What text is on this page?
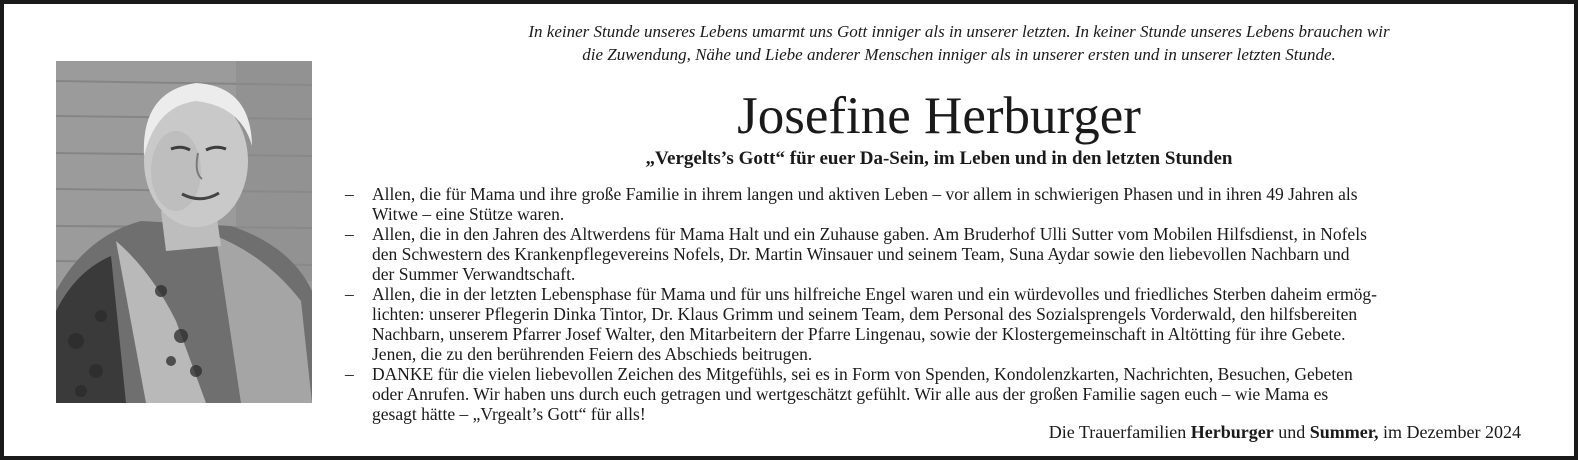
In keiner Stunde unseres Lebens umarmt uns Gott inniger als in unserer letzten. In keiner Stunde unseres Lebens brauchen wir
die Zuwendung, Nähe und Liebe anderer Menschen inniger als in unserer ersten und in unserer letzten Stunde.
Josefine Herburger
„Vergelts’s Gott“ für euer Da-Sein, im Leben und in den letzten Stunden
– Allen, die für Mama und ihre große Familie in ihrem langen und aktiven Leben – vor allem in schwierigen Phasen und in ihren 49 Jahren als
Witwe – eine Stütze waren.
– Allen, die in den Jahren des Altwerdens für Mama Halt und ein Zuhause gaben. Am Bruderhof Ulli Sutter vom Mobilen Hilfsdienst, in Nofels
den Schwestern des Krankenpflegevereins Nofels, Dr. Martin Winsauer und seinem Team, Suna Aydar sowie den liebevollen Nachbarn und
der Summer Verwandtschaft.
– Allen, die in der letzten Lebensphase für Mama und für uns hilfreiche Engel waren und ein würdevolles und friedliches Sterben daheim ermög-
lichten: unserer Pflegerin Dinka Tintor, Dr. Klaus Grimm und seinem Team, dem Personal des Sozialsprengels Vorderwald, den hilfsbereiten
Nachbarn, unserem Pfarrer Josef Walter, den Mitarbeitern der Pfarre Lingenau, sowie der Klostergemeinschaft in Altötting für ihre Gebete.
Jenen, die zu den berührenden Feiern des Abschieds beitrugen.
– DANKE für die vielen liebevollen Zeichen des Mitgefühls, sei es in Form von Spenden, Kondolenzkarten, Nachrichten, Besuchen, Gebeten
oder Anrufen. Wir haben uns durch euch getragen und wertgeschätzt gefühlt. Wir alle aus der großen Familie sagen euch – wie Mama es
gesagt hätte – „Vrgealt’s Gott“ für alls!
Die Trauerfamilien Herburger und Summer, im Dezember 2024
